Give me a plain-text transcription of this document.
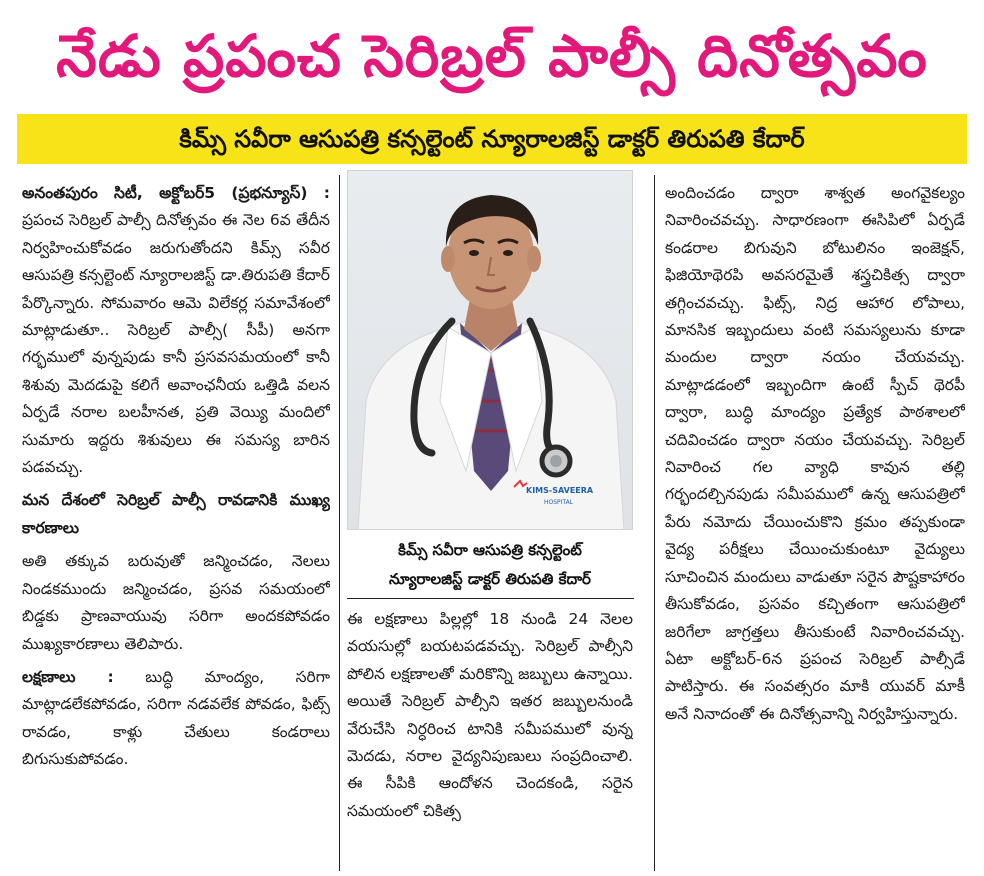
నేడు ప్రపంచ సెరిబ్రల్ పాల్సీ దినోత్సవం
కిమ్స్ సవీరా ఆసుపత్రి కన్సల్టెంట్ న్యూరాలజిస్ట్ డాక్టర్ తిరుపతి కేదార్

అనంతపురం సిటీ, అక్టోబర్5 (ప్రభన్యూస్) : ప్రపంచ సెరిబ్రల్ పాల్సీ దినోత్సవం ఈ నెల 6వ తేదీన నిర్వహించుకోవడం జరుగుతోందని కిమ్స్ సవీర ఆసుపత్రి కన్సల్టెంట్ న్యూరాలజిస్ట్ డా.తిరుపతి కేదార్ పేర్కొన్నారు. సోమవారం ఆమె విలేకర్ల సమావేశంలో మాట్లాడుతూ.. సెరిబ్రల్ పాల్సీ( సీపీ) అనగా గర్భములో వున్నపుడు కానీ ప్రసవసమయంలో కానీ శిశువు మెదడుపై కలిగే అవాంఛనీయ ఒత్తిడి వలన ఏర్పడే నరాల బలహీనత, ప్రతి వెయ్యి మందిలో సుమారు ఇద్దరు శిశువులు ఈ సమస్య బారిన పడవచ్చు.

మన దేశంలో సెరిబ్రల్ పాల్సీ రావడానికి ముఖ్య కారణాలు

అతి తక్కువ బరువుతో జన్మించడం, నెలలు నిండకముందు జన్మించడం, ప్రసవ సమయంలో బిడ్డకు ప్రాణవాయువు సరిగా అందకపోవడం ముఖ్యకారణాలు తెలిపారు.

లక్షణాలు : బుద్ధి మాంద్యం, సరిగా మాట్లాడలేకపోవడం, సరిగా నడవలేక పోవడం, ఫిట్స్ రావడం, కాళ్లు చేతులు కండరాలు బిగుసుకుపోవడం.

KIMS-SAVEERA
HOSPITAL
కిమ్స్ సవీరా ఆసుపత్రి కన్సల్టెంట్
న్యూరాలజిస్ట్ డాక్టర్ తిరుపతి కేదార్

ఈ లక్షణాలు పిల్లల్లో 18 నుండి 24 నెలల వయసుల్లో బయటపడవచ్చు. సెరిబ్రల్ పాల్సీని పోలిన లక్షణాలతో మరికొన్ని జబ్బులు ఉన్నాయి. అయితే సెరిబ్రల్ పాల్సీని ఇతర జబ్బులనుండి వేరుచేసి నిర్ధరించ టానికి సమీపములో వున్న మెదడు, నరాల వైద్యనిపుణులు సంప్రదించాలి. ఈ సీపికి ఆందోళన చెందకండి, సరైన సమయంలో చికిత్స

అందించడం ద్వారా శాశ్వత అంగవైకల్యం నివారించవచ్చు. సాధారణంగా ఈసిపిలో ఏర్పడే కండరాల బిగువుని బోటులినం ఇంజెక్షన్, ఫిజియోథెరపి అవసరమైతే శస్త్రచికిత్స ద్వారా తగ్గించవచ్చు. ఫిట్స్, నిద్ర ఆహార లోపాలు, మానసిక ఇబ్బందులు వంటి సమస్యలును కూడా మందుల ద్వారా నయం చేయవచ్చు. మాట్లాడడంలో ఇబ్బందిగా ఉంటే స్పీచ్ థెరపీ ద్వారా, బుద్ధి మాంద్యం ప్రత్యేక పాఠశాలలో చదివించడం ద్వారా నయం చేయవచ్చు. సెరిబ్రల్ నివారించ గల వ్యాధి కావున తల్లి గర్భందల్చినపుడు సమీపములో ఉన్న ఆసుపత్రిలో పేరు నమోదు చేయించుకొని క్రమం తప్పకుండా వైద్య పరీక్షలు చేయించుకుంటూ వైద్యులు సూచించిన మందులు వాడుతూ సరైన పౌష్టకాహారం తీసుకోవడం, ప్రసవం కచ్చితంగా ఆసుపత్రిలో జరిగేలా జాగ్రత్తలు తీసుకుంటే నివారించవచ్చు. ఏటా అక్టోబర్-6న ప్రపంచ సెరిబ్రల్ పాల్సీడే పాటిస్తారు. ఈ సంవత్సరం మాకి యువర్ మాకీ అనే నినాదంతో ఈ దినోత్సవాన్ని నిర్వహిస్తున్నారు.
